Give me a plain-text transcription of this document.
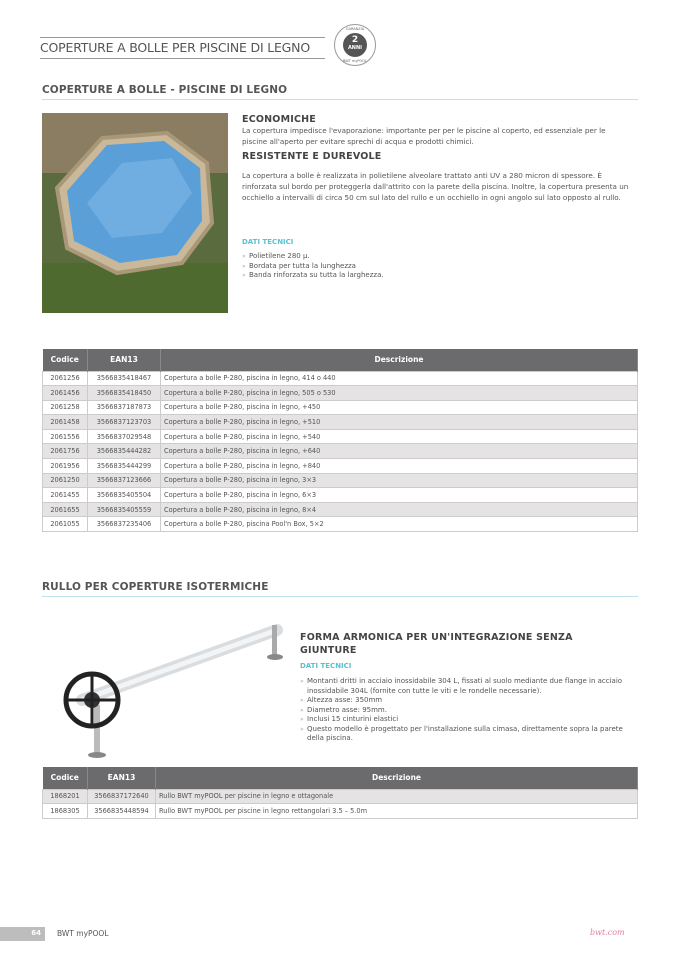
COPERTURE A BOLLE PER PISCINE DI LEGNO
GARANZIA
2
ANNI
BWT myPOOL
COPERTURE A BOLLE - PISCINE DI LEGNO
ECONOMICHE

La copertura impedisce l'evaporazione: importante per per le piscine al coperto, ed essenziale per le piscine all'aperto per evitare sprechi di acqua e prodotti chimici.

RESISTENTE E DUREVOLE

La copertura a bolle è realizzata in polietilene alveolare trattato anti UV a 280 micron di spessore. È rinforzata sul bordo per proteggerla dall'attrito con la parete della piscina. Inoltre, la copertura presenta un occhiello a intervalli di circa 50 cm sul lato del rullo e un occhiello in ogni angolo sul lato opposto al rullo.

DATI TECNICI
» Polietilene 280 µ.
» Bordata per tutta la lunghezza
» Banda rinforzata su tutta la larghezza.
Codice	EAN13	Descrizione
2061256	3566835418467	Copertura a bolle P-280, piscina in legno, 414 o 440
2061456	3566835418450	Copertura a bolle P-280, piscina in legno, 505 o 530
2061258	3566837187873	Copertura a bolle P-280, piscina in legno, +450
2061458	3566837123703	Copertura a bolle P-280, piscina in legno, +510
2061556	3566837029548	Copertura a bolle P-280, piscina in legno, +540
2061756	3566835444282	Copertura a bolle P-280, piscina in legno, +640
2061956	3566835444299	Copertura a bolle P-280, piscina in legno, +840
2061250	3566837123666	Copertura a bolle P-280, piscina in legno, 3×3
2061455	3566835405504	Copertura a bolle P-280, piscina in legno, 6×3
2061655	3566835405559	Copertura a bolle P-280, piscina in legno, 8×4
2061055	3566837235406	Copertura a bolle P-280, piscina Pool'n Box, 5×2
RULLO PER COPERTURE ISOTERMICHE
FORMA ARMONICA PER UN'INTEGRAZIONE SENZA GIUNTURE
DATI TECNICI
» Montanti dritti in acciaio inossidabile 304 L, fissati al suolo mediante due flange in acciaio inossidabile 304L (fornite con tutte le viti e le rondelle necessarie).
» Altezza asse: 350mm
» Diametro asse: 95mm.
» Inclusi 15 cinturini elastici
» Questo modello è progettato per l'installazione sulla cimasa, direttamente sopra la parete della piscina.
Codice	EAN13	Descrizione
1868201	3566837172640	Rullo BWT myPOOL per piscine in legno e ottagonale
1868305	3566835448594	Rullo BWT myPOOL per piscine in legno rettangolari 3.5 – 5.0m
64	BWT myPOOL	bwt.com
